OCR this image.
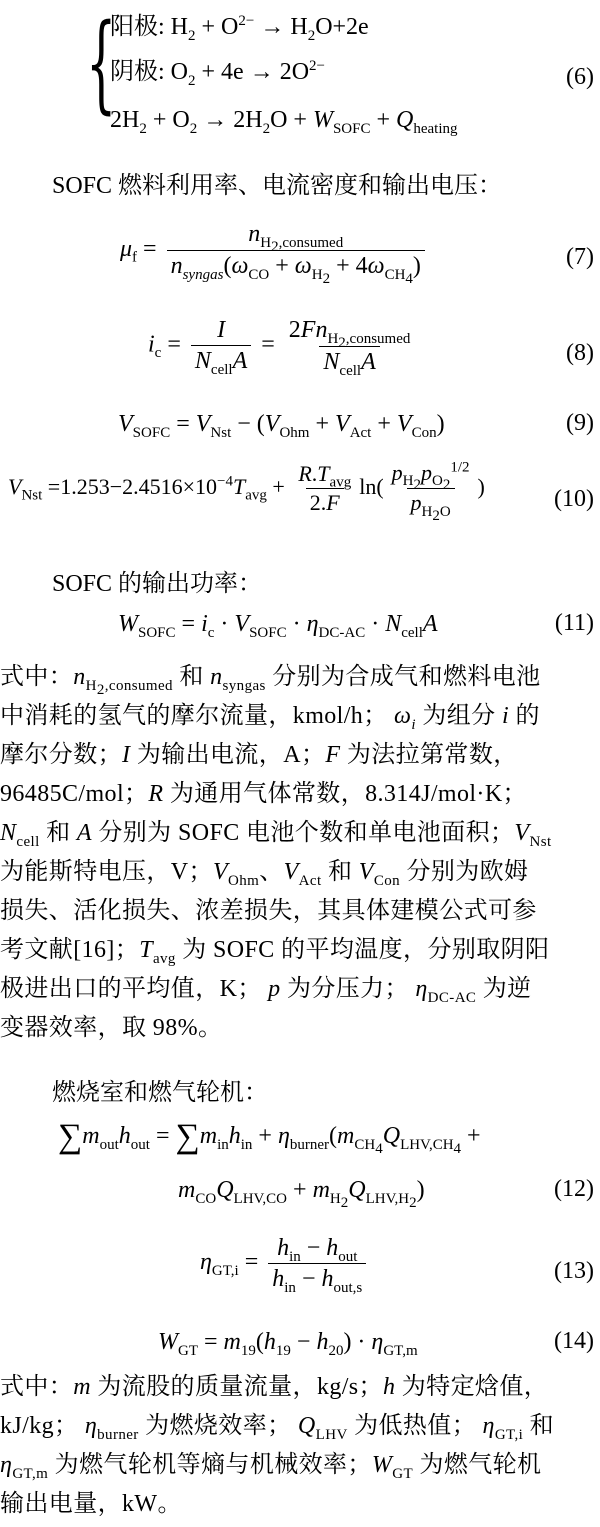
{
阳极: $H_2 + O^{2-} \to H_2O+2e$
阴极: $O_2 + 4e \to 2O^{2-}$
$2H_2 + O_2 \to 2H_2O + W_{SOFC} + Q_{heating}$
(6)
SOFC 燃料利用率、电流密度和输出电压：
$\mu_f = \frac{n_{H_2,consumed}}{n_{syngas}(\omega_{CO} + \omega_{H_2} + 4\omega_{CH_4})}$	(7)
$i_c = \frac{I}{N_{cell}A} = \frac{2Fn_{H_2,consumed}}{N_{cell}A}$	(8)
$V_{SOFC} = V_{Nst} - (V_{Ohm} + V_{Act} + V_{Con})$	(9)
$V_{Nst} =1.253-2.4516\times 10^{-4}T_{avg} + \frac{R.T_{avg}}{2.F} \ln( \frac{p_{H_2}p_{O_2}^{1/2}}{p_{H_2O}}$ )	(10)
SOFC 的输出功率：
$W_{SOFC} = i_c \cdot V_{SOFC} \cdot \eta_{DC-AC} \cdot N_{cell}A$	(11)
式中：$n_{H_2,consumed}$ 和 $n_{syngas}$ 分别为合成气和燃料电池
中消耗的氢气的摩尔流量，kmol/h； $\omega_i$ 为组分 i 的
摩尔分数；I 为输出电流，A；F 为法拉第常数，
96485C/mol；R 为通用气体常数，8.314J/mol·K；
$N_{cell}$ 和 A 分别为 SOFC 电池个数和单电池面积；$V_{Nst}$
为能斯特电压，V；$V_{Ohm}$、$V_{Act}$ 和 $V_{Con}$ 分别为欧姆
损失、活化损失、浓差损失，其具体建模公式可参
考文献[16]；$T_{avg}$ 为 SOFC 的平均温度，分别取阴阳
极进出口的平均值，K； p 为分压力； $\eta_{DC-AC}$ 为逆
变器效率，取 98%。
燃烧室和燃气轮机：
$\sum m_{out}h_{out} = \sum m_{in}h_{in} + \eta_{burner}(m_{CH_4}Q_{LHV,CH_4}$ +
$m_{CO}Q_{LHV,CO} + m_{H_2}Q_{LHV,H_2}$)	(12)
$\eta_{GT,i} = \frac{h_{in} - h_{out}}{h_{in} - h_{out,s}}$	(13)
$W_{GT} = m_{19}(h_{19} - h_{20}) \cdot \eta_{GT,m}$	(14)
式中：m 为流股的质量流量，kg/s；h 为特定焓值，
kJ/kg； $\eta_{burner}$ 为燃烧效率； $Q_{LHV}$ 为低热值； $\eta_{GT,i}$ 和
$\eta_{GT,m}$ 为燃气轮机等熵与机械效率；$W_{GT}$ 为燃气轮机
输出电量，kW。
